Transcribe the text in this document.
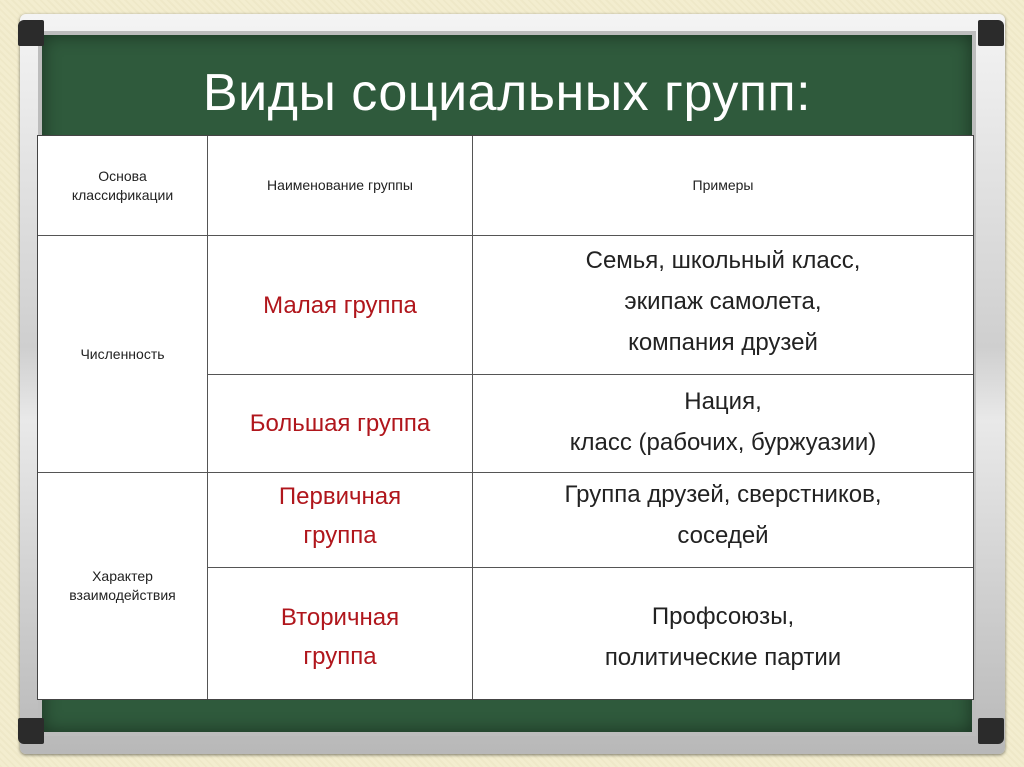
Виды социальных групп:
Основа
классификации
Наименование группы	Примеры
Численность
Малая группа
Семья, школьный класс,
экипаж самолета,
компания друзей
Большая группа
Нация,
класс (рабочих, буржуазии)
Характер
взаимодействия
Первичная
группа
Группа друзей, сверстников,
соседей
Вторичная
группа
Профсоюзы,
политические партии
